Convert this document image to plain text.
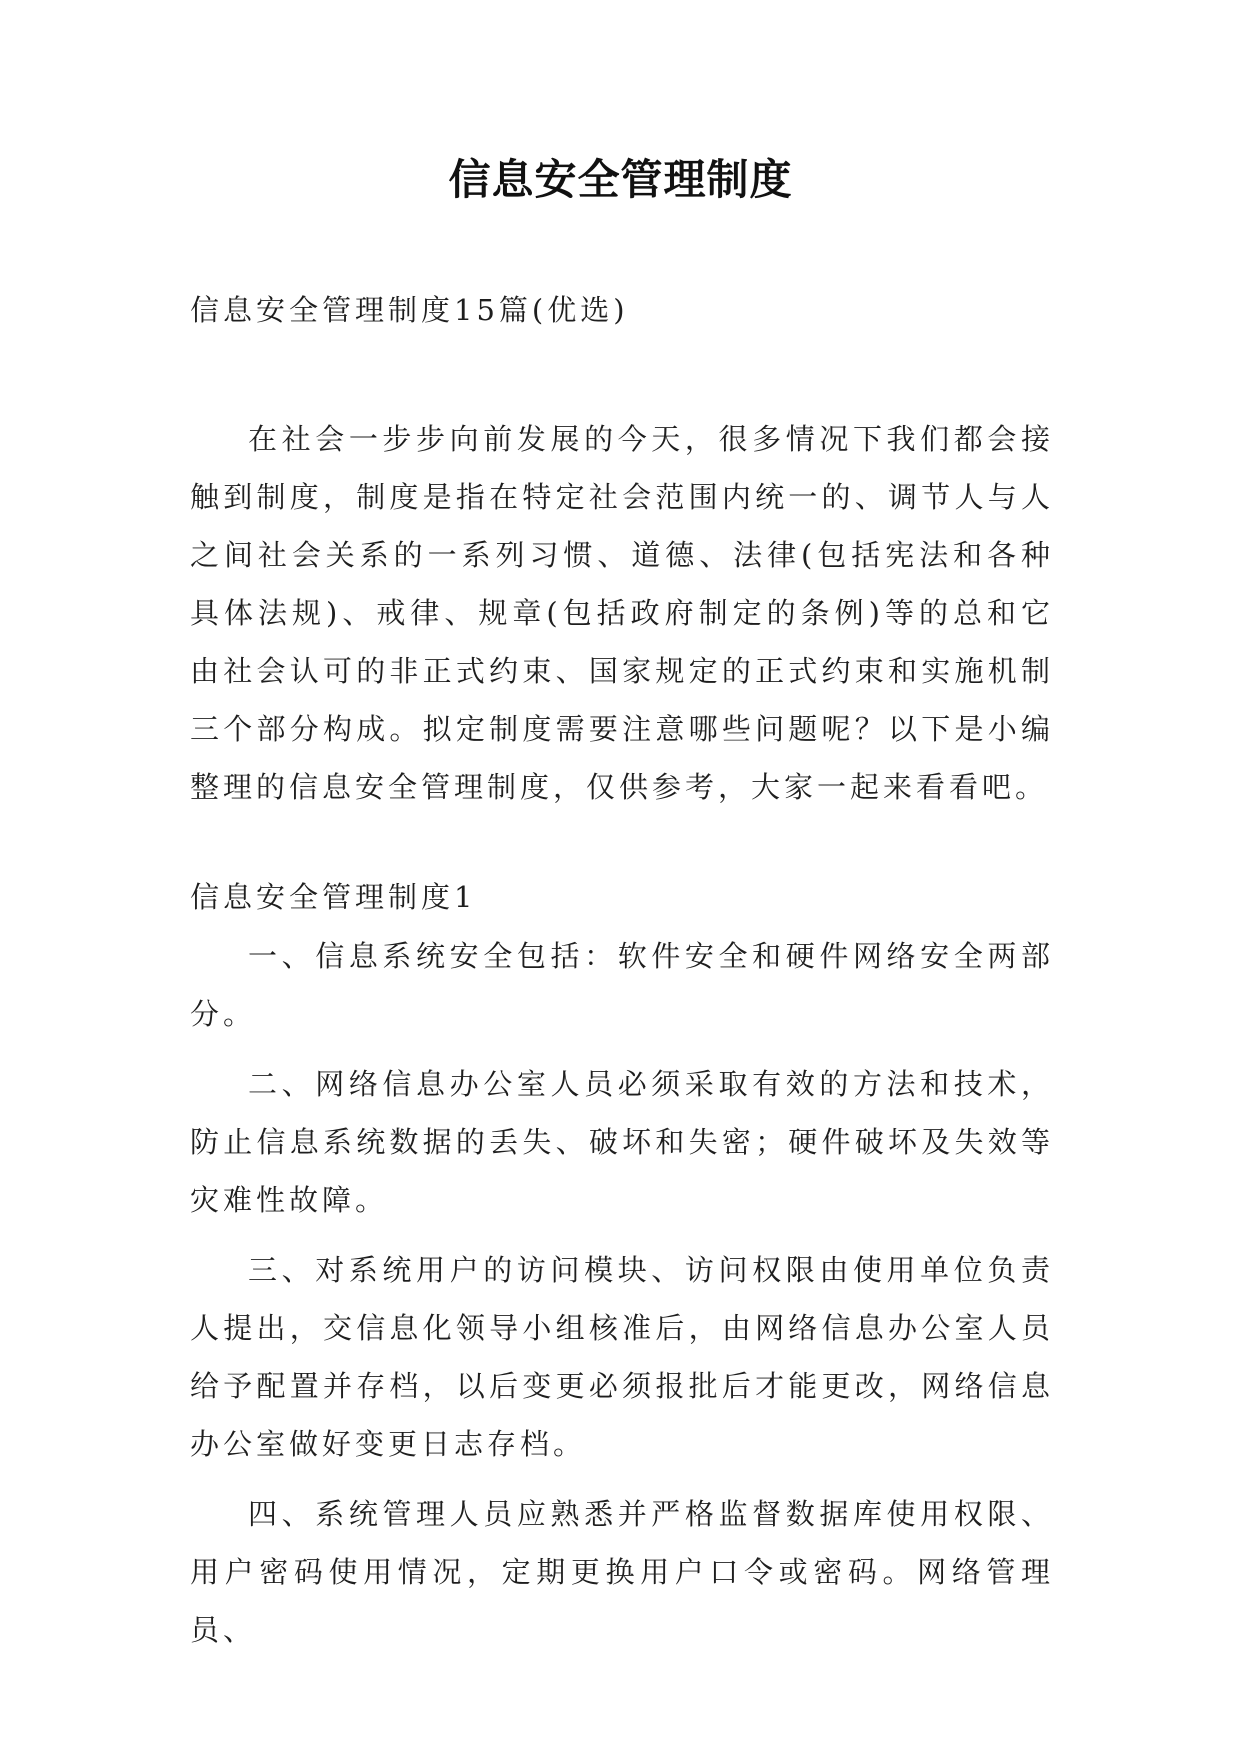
信息安全管理制度
信息安全管理制度15篇(优选)

在社会一步步向前发展的今天，很多情况下我们都会接触到制度，制度是指在特定社会范围内统一的、调节人与人之间社会关系的一系列习惯、道德、法律(包括宪法和各种具体法规)、戒律、规章(包括政府制定的条例)等的总和它由社会认可的非正式约束、国家规定的正式约束和实施机制三个部分构成。拟定制度需要注意哪些问题呢？以下是小编整理的信息安全管理制度，仅供参考，大家一起来看看吧。

信息安全管理制度1

一、信息系统安全包括：软件安全和硬件网络安全两部分。

二、网络信息办公室人员必须采取有效的方法和技术，防止信息系统数据的丢失、破坏和失密；硬件破坏及失效等灾难性故障。

三、对系统用户的访问模块、访问权限由使用单位负责人提出，交信息化领导小组核准后，由网络信息办公室人员给予配置并存档，以后变更必须报批后才能更改，网络信息办公室做好变更日志存档。

四、系统管理人员应熟悉并严格监督数据库使用权限、用户密码使用情况，定期更换用户口令或密码。网络管理员、
